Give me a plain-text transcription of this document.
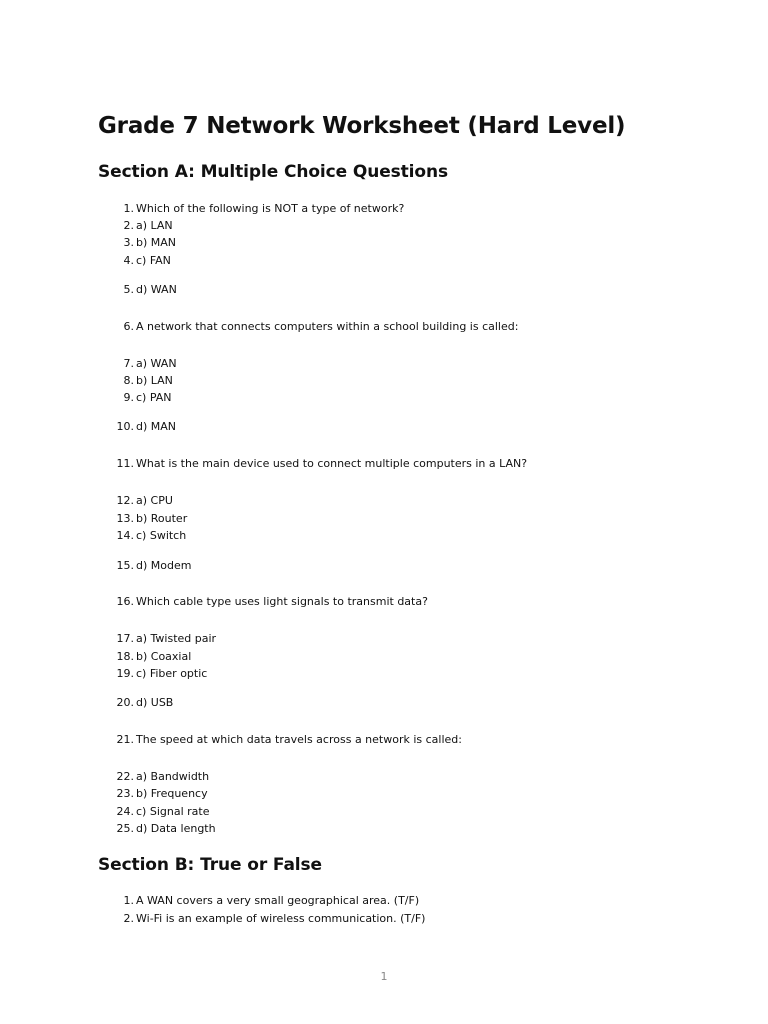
Grade 7 Network Worksheet (Hard Level)
Section A: Multiple Choice Questions
1. Which of the following is NOT a type of network?
2. a) LAN
3. b) MAN
4. c) FAN
5. d) WAN
6. A network that connects computers within a school building is called:
7. a) WAN
8. b) LAN
9. c) PAN
10. d) MAN
11. What is the main device used to connect multiple computers in a LAN?
12. a) CPU
13. b) Router
14. c) Switch
15. d) Modem
16. Which cable type uses light signals to transmit data?
17. a) Twisted pair
18. b) Coaxial
19. c) Fiber optic
20. d) USB
21. The speed at which data travels across a network is called:
22. a) Bandwidth
23. b) Frequency
24. c) Signal rate
25. d) Data length
Section B: True or False
1. A WAN covers a very small geographical area. (T/F)
2. Wi-Fi is an example of wireless communication. (T/F)
1
